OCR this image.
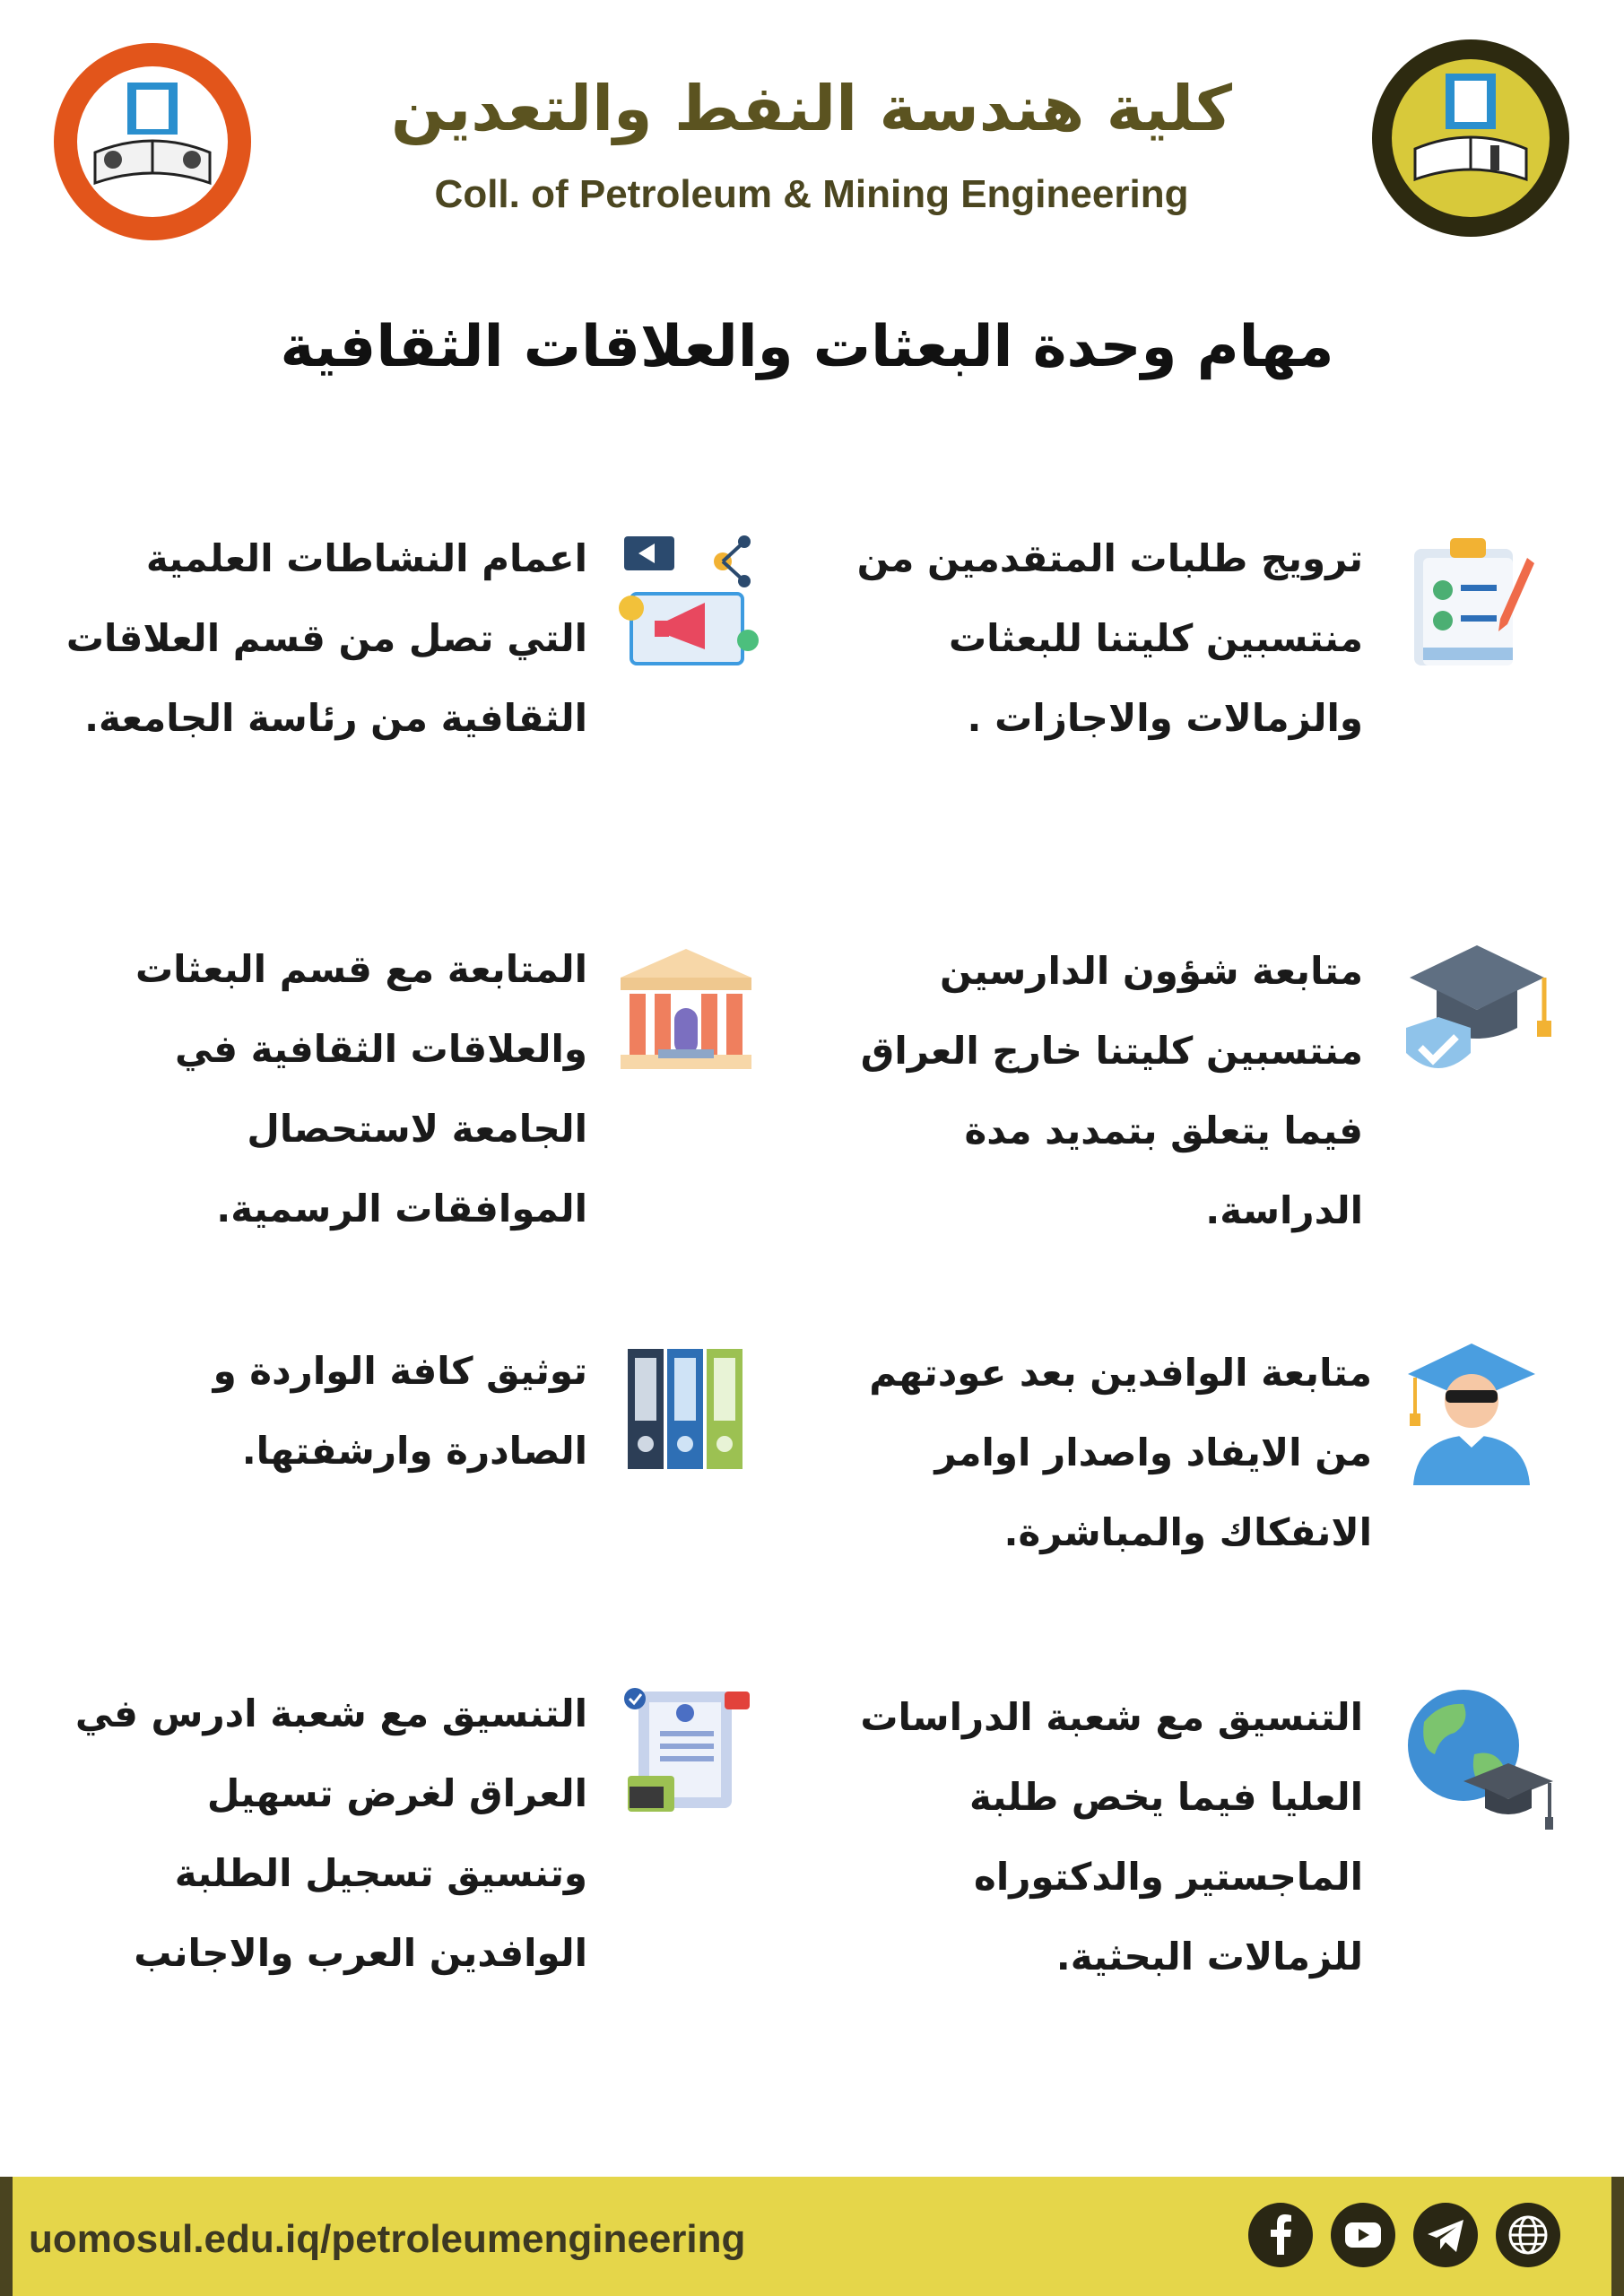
كلية هندسة النفط والتعدين
Coll. of Petroleum & Mining Engineering
مهام وحدة البعثات والعلاقات الثقافية
ترويج طلبات المتقدمين من منتسبين كليتنا للبعثات والزمالات والاجازات .
اعمام النشاطات العلمية التي تصل من قسم العلاقات الثقافية من رئاسة الجامعة.
متابعة شؤون الدارسين منتسبين كليتنا خارج العراق فيما يتعلق بتمديد مدة الدراسة.
المتابعة مع قسم البعثات والعلاقات الثقافية في الجامعة لاستحصال الموافقات الرسمية.
متابعة الوافدين بعد عودتهم من الايفاد واصدار اوامر الانفكاك والمباشرة.
توثيق كافة الواردة و الصادرة وارشفتها.
التنسيق مع شعبة الدراسات العليا فيما يخص طلبة الماجستير والدكتوراه للزمالات البحثية.
التنسيق مع شعبة ادرس في العراق لغرض تسهيل وتنسيق تسجيل الطلبة الوافدين العرب والاجانب
uomosul.edu.iq/petroleumengineering
